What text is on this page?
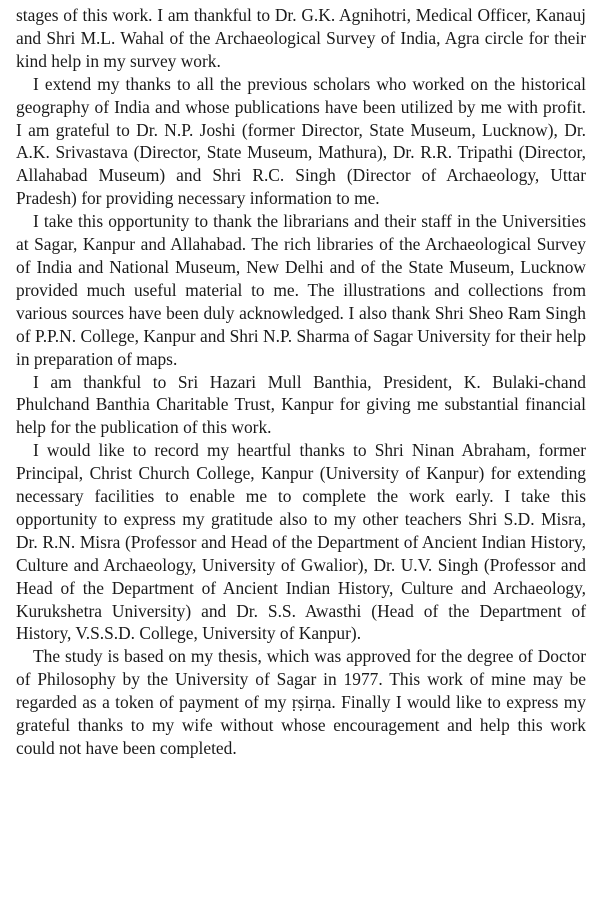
stages of this work. I am thankful to Dr. G.K. Agnihotri, Medical Officer, Kanauj and Shri M.L. Wahal of the Archaeological Survey of India, Agra circle for their kind help in my survey work.

I extend my thanks to all the previous scholars who worked on the historical geography of India and whose publications have been utilized by me with profit. I am grateful to Dr. N.P. Joshi (former Director, State Museum, Lucknow), Dr. A.K. Srivastava (Director, State Museum, Mathura), Dr. R.R. Tripathi (Director, Allahabad Museum) and Shri R.C. Singh (Director of Archaeology, Uttar Pradesh) for providing necessary information to me.

I take this opportunity to thank the librarians and their staff in the Universities at Sagar, Kanpur and Allahabad. The rich libraries of the Archaeological Survey of India and National Museum, New Delhi and of the State Museum, Lucknow provided much useful material to me. The illustrations and collections from various sources have been duly acknowledged. I also thank Shri Sheo Ram Singh of P.P.N. College, Kanpur and Shri N.P. Sharma of Sagar University for their help in preparation of maps.

I am thankful to Sri Hazari Mull Banthia, President, K. Bulaki-chand Phulchand Banthia Charitable Trust, Kanpur for giving me substantial financial help for the publication of this work.

I would like to record my heartful thanks to Shri Ninan Abraham, former Principal, Christ Church College, Kanpur (University of Kanpur) for extending necessary facilities to enable me to complete the work early. I take this opportunity to express my gratitude also to my other teachers Shri S.D. Misra, Dr. R.N. Misra (Professor and Head of the Department of Ancient Indian History, Culture and Archaeology, University of Gwalior), Dr. U.V. Singh (Professor and Head of the Department of Ancient Indian History, Culture and Archaeology, Kurukshetra University) and Dr. S.S. Awasthi (Head of the Department of History, V.S.S.D. College, University of Kanpur).

The study is based on my thesis, which was approved for the degree of Doctor of Philosophy by the University of Sagar in 1977. This work of mine may be regarded as a token of payment of my ṛṣirṇa. Finally I would like to express my grateful thanks to my wife without whose encouragement and help this work could not have been completed.
